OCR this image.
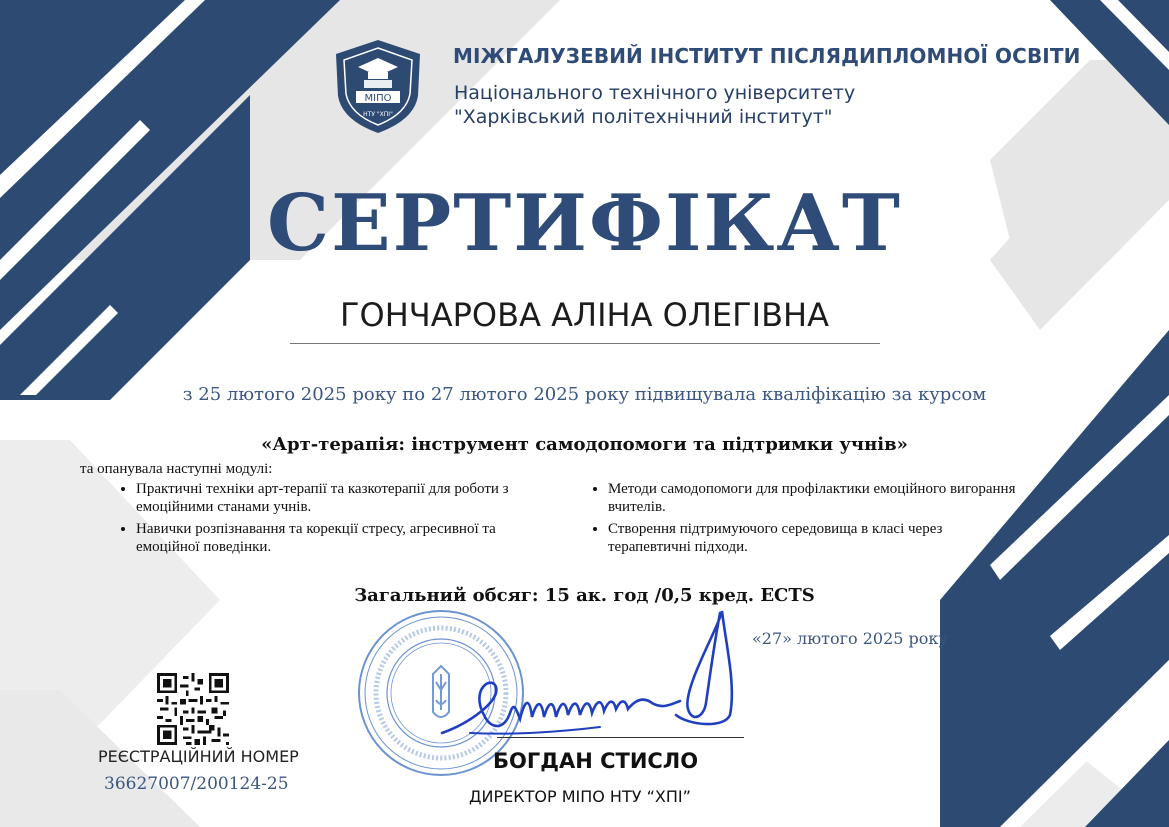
МІПО
НТУ "ХПІ"
МІЖГАЛУЗЕВИЙ ІНСТИТУТ ПІСЛЯДИПЛОМНОЇ ОСВІТИ
Національного технічного університету
"Харківський політехнічний інститут"
СЕРТИФІКАТ
ГОНЧАРОВА АЛІНА ОЛЕГІВНА
з 25 лютого 2025 року по 27 лютого 2025 року підвищувала кваліфікацію за курсом
«Арт-терапія: інструмент самодопомоги та підтримки учнів»
та опанувала наступні модулі:
• Практичні техніки арт-терапії та казкотерапії для роботи з емоційними станами учнів.
• Навички розпізнавання та корекції стресу, агресивної та емоційної поведінки.
• Методи самодопомоги для профілактики емоційного вигорання вчителів.
• Створення підтримуючого середовища в класі через терапевтичні підходи.
Загальний обсяг: 15 ак. год /0,5 кред. ECTS
«27» лютого 2025 року
РЕЄСТРАЦІЙНИЙ НОМЕР
36627007/200124-25
БОГДАН СТИСЛО
ДИРЕКТОР МІПО НТУ “ХПІ”
